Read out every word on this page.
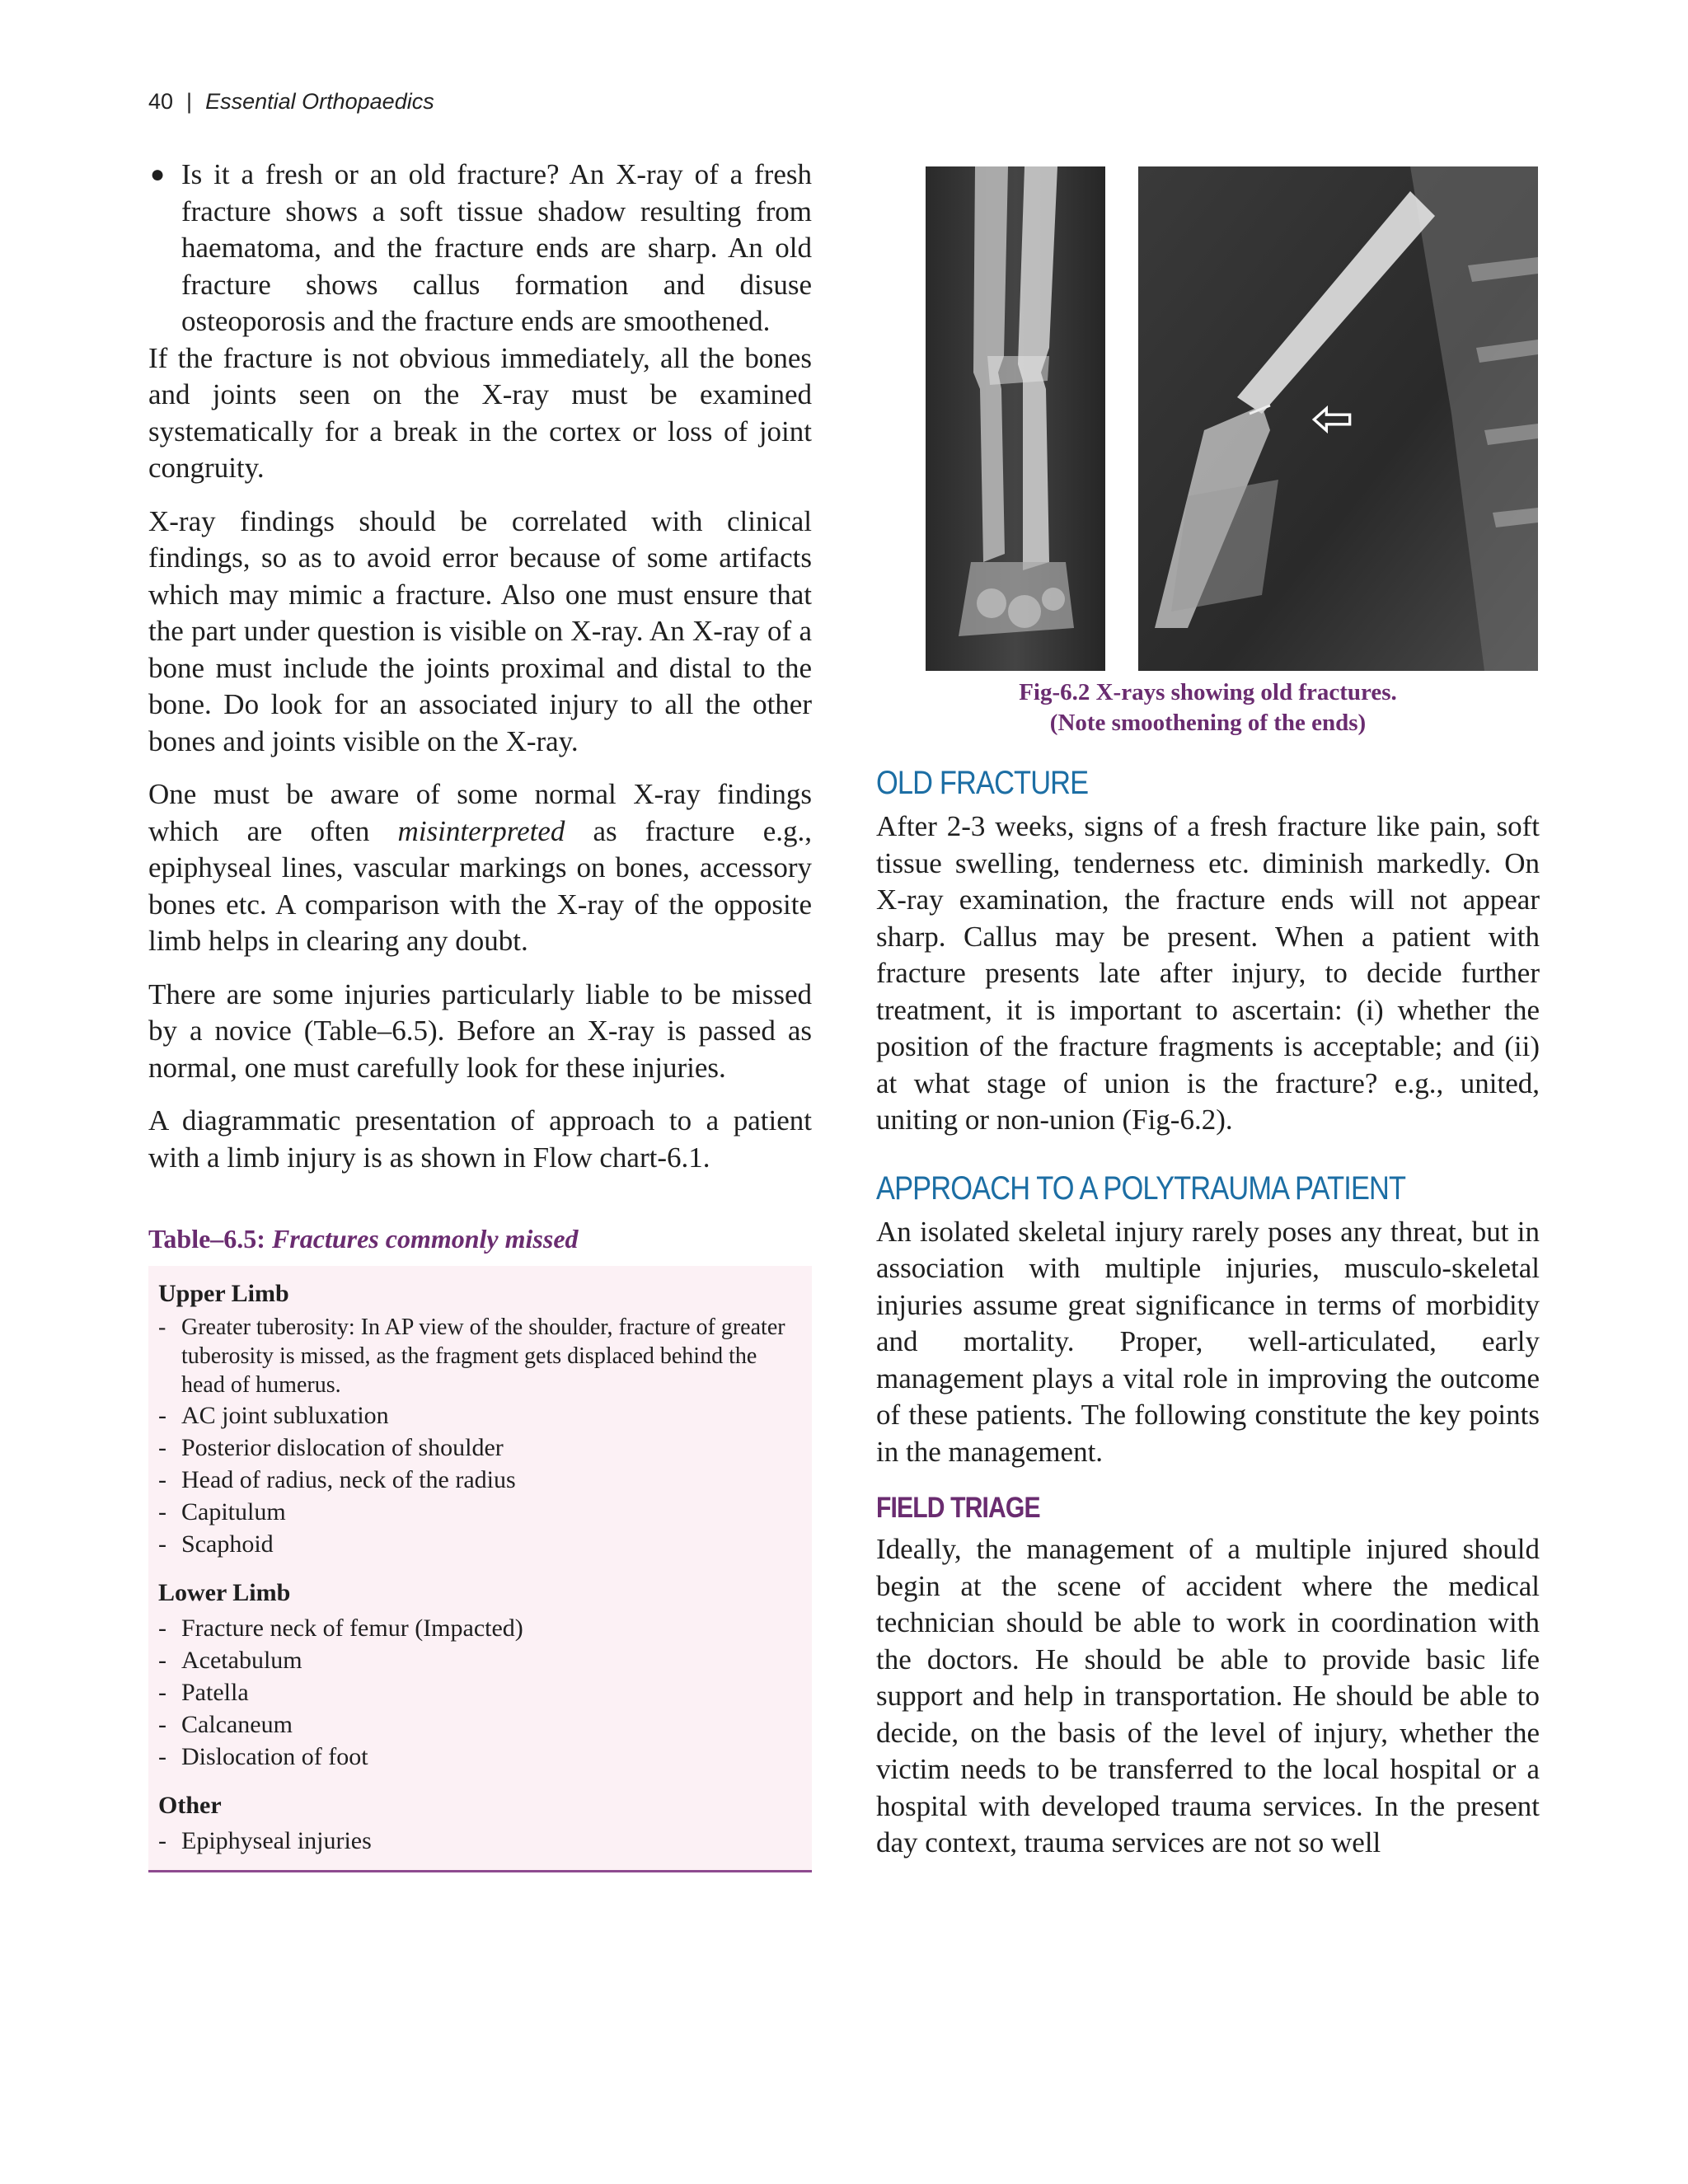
40 | Essential Orthopaedics

● Is it a fresh or an old fracture? An X-ray of a fresh fracture shows a soft tissue shadow resulting from haematoma, and the fracture ends are sharp. An old fracture shows callus formation and disuse osteoporosis and the fracture ends are smoothened.

If the fracture is not obvious immediately, all the bones and joints seen on the X-ray must be examined systematically for a break in the cortex or loss of joint congruity.

X-ray findings should be correlated with clinical findings, so as to avoid error because of some artifacts which may mimic a fracture. Also one must ensure that the part under question is visible on X-ray. An X-ray of a bone must include the joints proximal and distal to the bone. Do look for an associated injury to all the other bones and joints visible on the X-ray.

One must be aware of some normal X-ray findings which are often misinterpreted as fracture e.g., epiphyseal lines, vascular markings on bones, accessory bones etc. A comparison with the X-ray of the opposite limb helps in clearing any doubt.

There are some injuries particularly liable to be missed by a novice (Table–6.5). Before an X-ray is passed as normal, one must carefully look for these injuries.

A diagrammatic presentation of approach to a patient with a limb injury is as shown in Flow chart-6.1.

Table–6.5: Fractures commonly missed
Upper Limb
- Greater tuberosity: In AP view of the shoulder, fracture of greater tuberosity is missed, as the fragment gets displaced behind the head of humerus.
- AC joint subluxation
- Posterior dislocation of shoulder
- Head of radius, neck of the radius
- Capitulum
- Scaphoid
Lower Limb
- Fracture neck of femur (Impacted)
- Acetabulum
- Patella
- Calcaneum
- Dislocation of foot
Other
- Epiphyseal injuries
Fig-6.2 X-rays showing old fractures.
(Note smoothening of the ends)
OLD FRACTURE

After 2-3 weeks, signs of a fresh fracture like pain, soft tissue swelling, tenderness etc. diminish markedly. On X-ray examination, the fracture ends will not appear sharp. Callus may be present. When a patient with fracture presents late after injury, to decide further treatment, it is important to ascertain: (i) whether the position of the fracture fragments is acceptable; and (ii) at what stage of union is the fracture? e.g., united, uniting or non-union (Fig-6.2).

APPROACH TO A POLYTRAUMA PATIENT

An isolated skeletal injury rarely poses any threat, but in association with multiple injuries, musculo-skeletal injuries assume great significance in terms of morbidity and mortality. Proper, well-articulated, early management plays a vital role in improving the outcome of these patients. The following constitute the key points in the management.

FIELD TRIAGE

Ideally, the management of a multiple injured should begin at the scene of accident where the medical technician should be able to work in coordination with the doctors. He should be able to provide basic life support and help in transportation. He should be able to decide, on the basis of the level of injury, whether the victim needs to be transferred to the local hospital or a hospital with developed trauma services. In the present day context, trauma services are not so well
